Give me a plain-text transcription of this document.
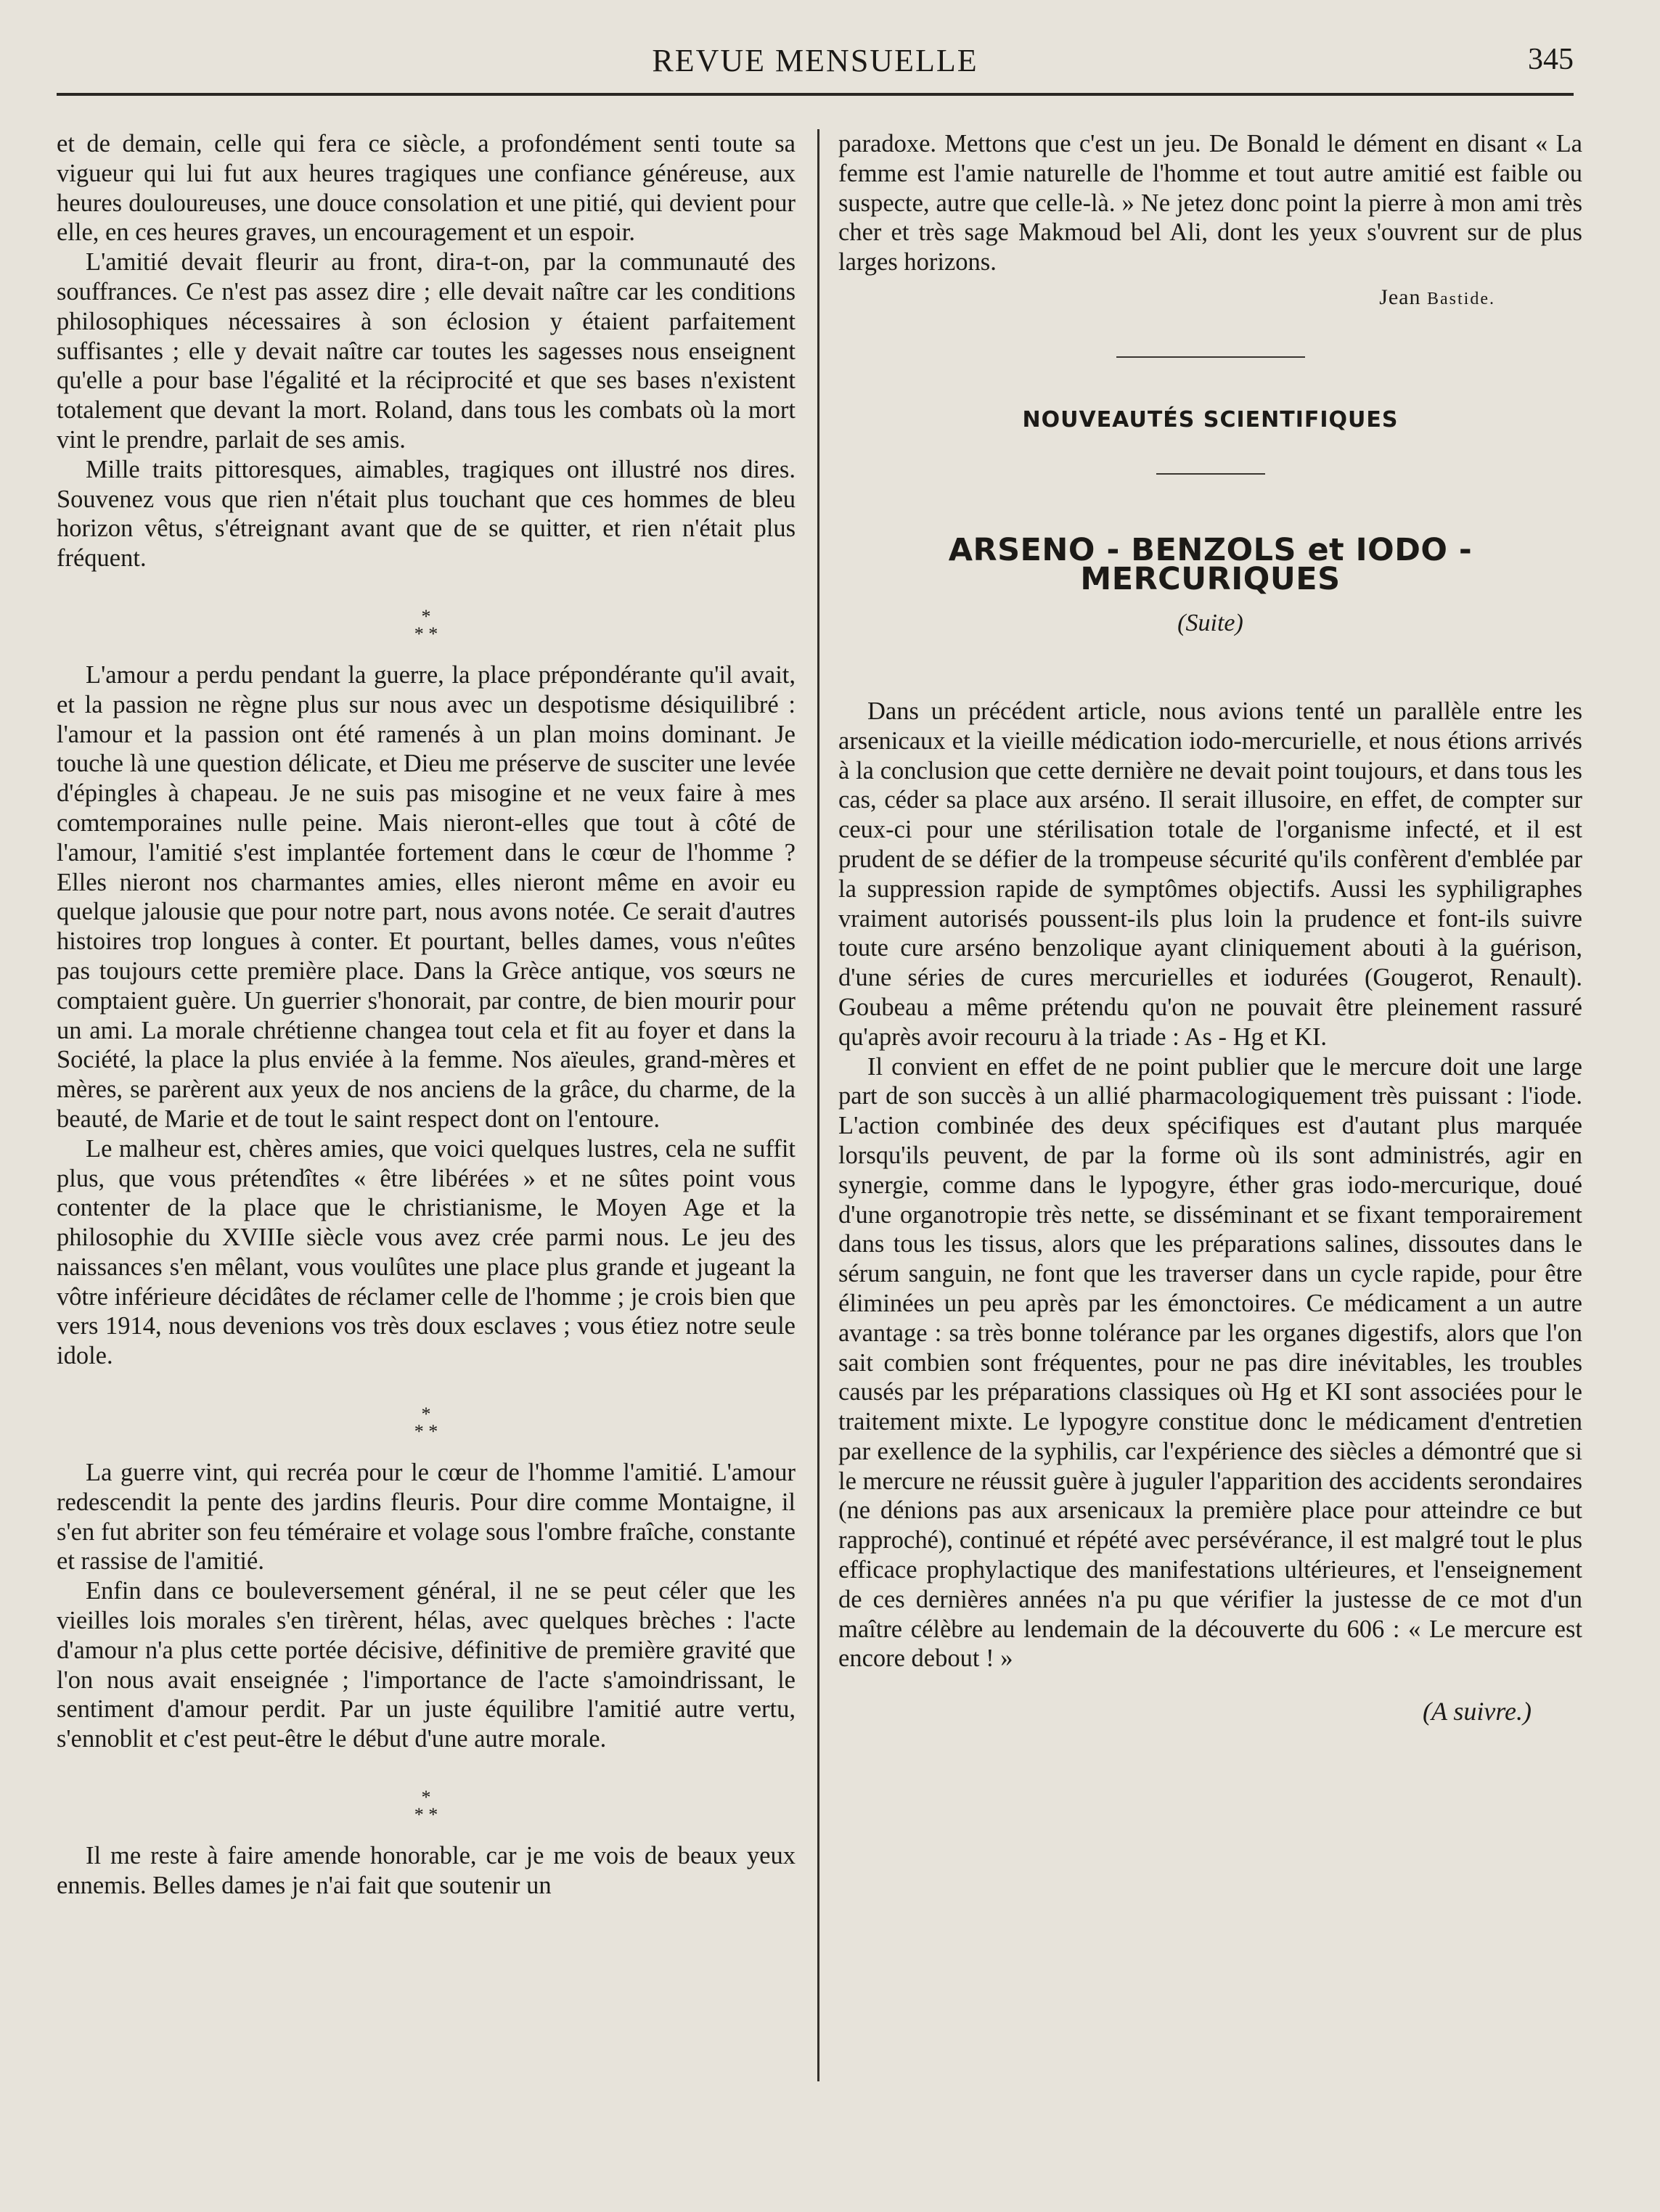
REVUE MENSUELLE	345

et de demain, celle qui fera ce siècle, a profondément senti toute sa vigueur qui lui fut aux heures tragiques une confiance généreuse, aux heures douloureuses, une douce consolation et une pitié, qui devient pour elle, en ces heures graves, un encouragement et un espoir.

L'amitié devait fleurir au front, dira-t-on, par la communauté des souffrances. Ce n'est pas assez dire ; elle devait naître car les conditions philosophiques nécessaires à son éclosion y étaient parfaitement suffisantes ; elle y devait naître car toutes les sagesses nous enseignent qu'elle a pour base l'égalité et la réciprocité et que ses bases n'existent totalement que devant la mort. Roland, dans tous les combats où la mort vint le prendre, parlait de ses amis.

Mille traits pittoresques, aimables, tragiques ont illustré nos dires. Souvenez vous que rien n'était plus touchant que ces hommes de bleu horizon vêtus, s'étreignant avant que de se quitter, et rien n'était plus fréquent.

*
* *

L'amour a perdu pendant la guerre, la place prépondérante qu'il avait, et la passion ne règne plus sur nous avec un despotisme désiquilibré : l'amour et la passion ont été ramenés à un plan moins dominant. Je touche là une question délicate, et Dieu me préserve de susciter une levée d'épingles à chapeau. Je ne suis pas misogine et ne veux faire à mes comtemporaines nulle peine. Mais nieront-elles que tout à côté de l'amour, l'amitié s'est implantée fortement dans le cœur de l'homme ? Elles nieront nos charmantes amies, elles nieront même en avoir eu quelque jalousie que pour notre part, nous avons notée. Ce serait d'autres histoires trop longues à conter. Et pourtant, belles dames, vous n'eûtes pas toujours cette première place. Dans la Grèce antique, vos sœurs ne comptaient guère. Un guerrier s'honorait, par contre, de bien mourir pour un ami. La morale chrétienne changea tout cela et fit au foyer et dans la Société, la place la plus enviée à la femme. Nos aïeules, grand-mères et mères, se parèrent aux yeux de nos anciens de la grâce, du charme, de la beauté, de Marie et de tout le saint respect dont on l'entoure.

Le malheur est, chères amies, que voici quelques lustres, cela ne suffit plus, que vous prétendîtes « être libérées » et ne sûtes point vous contenter de la place que le christianisme, le Moyen Age et la philosophie du XVIIIe siècle vous avez crée parmi nous. Le jeu des naissances s'en mêlant, vous voulûtes une place plus grande et jugeant la vôtre inférieure décidâtes de réclamer celle de l'homme ; je crois bien que vers 1914, nous devenions vos très doux esclaves ; vous étiez notre seule idole.

*
* *

La guerre vint, qui recréa pour le cœur de l'homme l'amitié. L'amour redescendit la pente des jardins fleuris. Pour dire comme Montaigne, il s'en fut abriter son feu téméraire et volage sous l'ombre fraîche, constante et rassise de l'amitié.

Enfin dans ce bouleversement général, il ne se peut céler que les vieilles lois morales s'en tirèrent, hélas, avec quelques brèches : l'acte d'amour n'a plus cette portée décisive, définitive de première gravité que l'on nous avait enseignée ; l'importance de l'acte s'amoindrissant, le sentiment d'amour perdit. Par un juste équilibre l'amitié autre vertu, s'ennoblit et c'est peut-être le début d'une autre morale.

*
* *

Il me reste à faire amende honorable, car je me vois de beaux yeux ennemis. Belles dames je n'ai fait que soutenir un

paradoxe. Mettons que c'est un jeu. De Bonald le dément en disant « La femme est l'amie naturelle de l'homme et tout autre amitié est faible ou suspecte, autre que celle-là. » Ne jetez donc point la pierre à mon ami très cher et très sage Makmoud bel Ali, dont les yeux s'ouvrent sur de plus larges horizons.

Jean Bastide.
NOUVEAUTÉS SCIENTIFIQUES
ARSENO - BENZOLS et IODO - MERCURIQUES
(Suite)

Dans un précédent article, nous avions tenté un parallèle entre les arsenicaux et la vieille médication iodo-mercurielle, et nous étions arrivés à la conclusion que cette dernière ne devait point toujours, et dans tous les cas, céder sa place aux arséno. Il serait illusoire, en effet, de compter sur ceux-ci pour une stérilisation totale de l'organisme infecté, et il est prudent de se défier de la trompeuse sécurité qu'ils confèrent d'emblée par la suppression rapide de symptômes objectifs. Aussi les syphiligraphes vraiment autorisés poussent-ils plus loin la prudence et font-ils suivre toute cure arséno benzolique ayant cliniquement abouti à la guérison, d'une séries de cures mercurielles et iodurées (Gougerot, Renault). Goubeau a même prétendu qu'on ne pouvait être pleinement rassuré qu'après avoir recouru à la triade : As - Hg et KI.

Il convient en effet de ne point publier que le mercure doit une large part de son succès à un allié pharmacologiquement très puissant : l'iode. L'action combinée des deux spécifiques est d'autant plus marquée lorsqu'ils peuvent, de par la forme où ils sont administrés, agir en synergie, comme dans le lypogyre, éther gras iodo-mercurique, doué d'une organotropie très nette, se disséminant et se fixant temporairement dans tous les tissus, alors que les préparations salines, dissoutes dans le sérum sanguin, ne font que les traverser dans un cycle rapide, pour être éliminées un peu après par les émonctoires. Ce médicament a un autre avantage : sa très bonne tolérance par les organes digestifs, alors que l'on sait combien sont fréquentes, pour ne pas dire inévitables, les troubles causés par les préparations classiques où Hg et KI sont associées pour le traitement mixte. Le lypogyre constitue donc le médicament d'entretien par exellence de la syphilis, car l'expérience des siècles a démontré que si le mercure ne réussit guère à juguler l'apparition des accidents serondaires (ne dénions pas aux arsenicaux la première place pour atteindre ce but rapproché), continué et répété avec persévérance, il est malgré tout le plus efficace prophylactique des manifestations ultérieures, et l'enseignement de ces dernières années n'a pu que vérifier la justesse de ce mot d'un maître célèbre au lendemain de la découverte du 606 : « Le mercure est encore debout ! »

(A suivre.)
